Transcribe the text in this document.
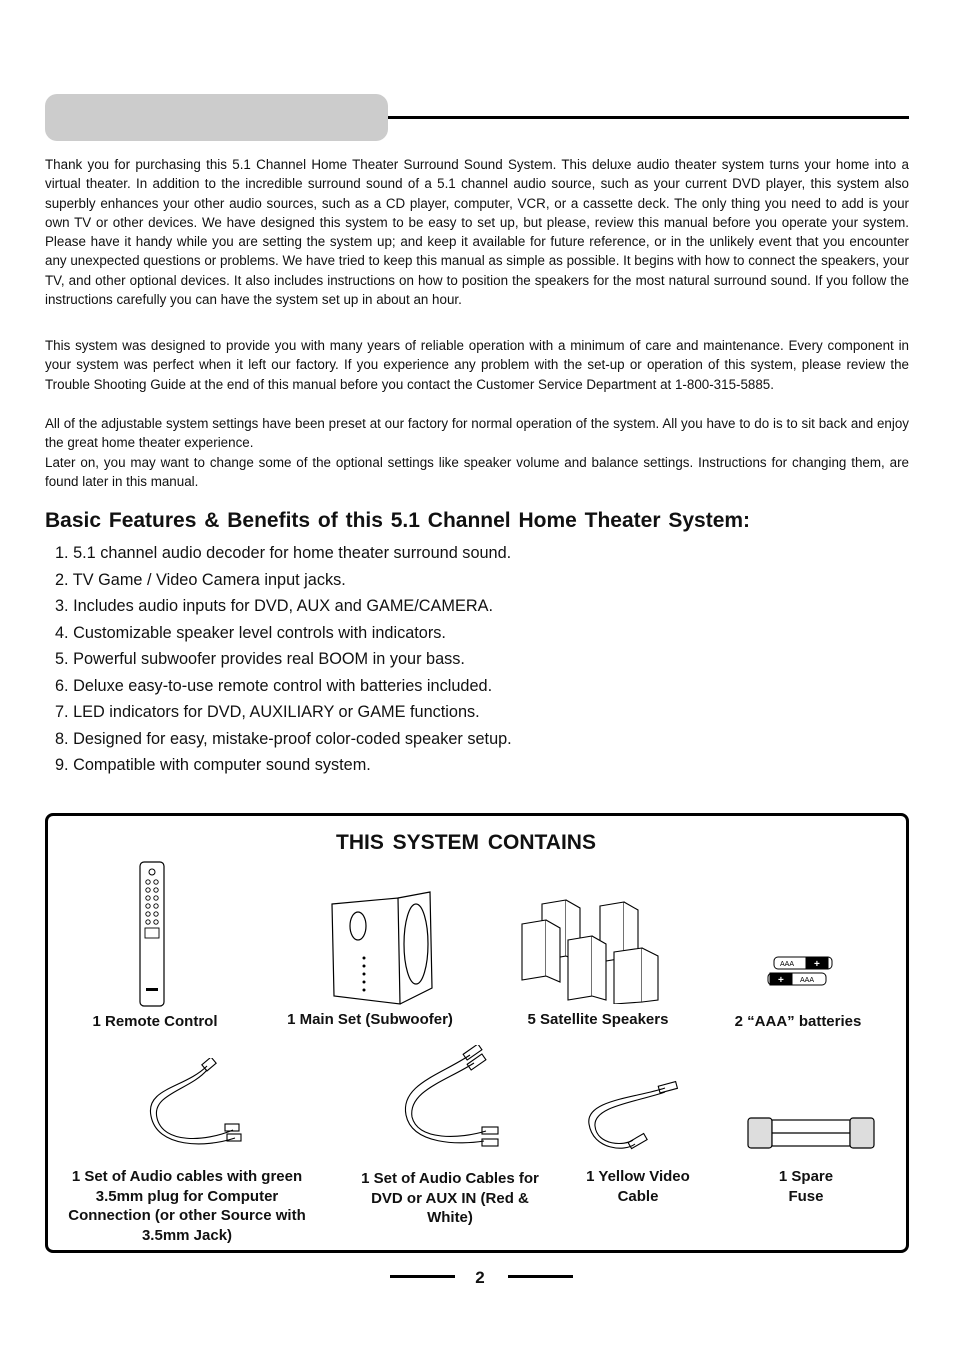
Thank you for purchasing this 5.1 Channel Home Theater Surround Sound System. This deluxe audio theater system turns your home into a virtual theater. In addition to the incredible surround sound of a 5.1 channel audio source, such as your current DVD player, this system also superbly enhances your other audio sources, such as a CD player, computer, VCR, or a cassette deck. The only thing you need to add is your own TV or other devices. We have designed this system to be easy to set up, but please, review this manual before you operate your system. Please have it handy while you are setting the system up; and keep it available for future reference, or in the unlikely event that you encounter any unexpected questions or problems. We have tried to keep this manual as simple as possible. It begins with how to connect the speakers, your TV, and other optional devices. It also includes instructions on how to position the speakers for the most natural surround sound. If you follow the instructions carefully you can have the system set up in about an hour.

This system was designed to provide you with many years of reliable operation with a minimum of care and maintenance. Every component in your system was perfect when it left our factory. If you experience any problem with the set-up or operation of this system, please review the Trouble Shooting Guide at the end of this manual before you contact the Customer Service Department at 1-800-315-5885.

All of the adjustable system settings have been preset at our factory for normal operation of the system. All you have to do is to sit back and enjoy the great home theater experience.

Later on, you may want to change some of the optional settings like speaker volume and balance settings. Instructions for changing them, are found later in this manual.

Basic Features & Benefits of this 5.1 Channel Home Theater System:
1. 5.1 channel audio decoder for home theater surround sound.
2. TV Game / Video Camera input jacks.
3. Includes audio inputs for DVD, AUX and GAME/CAMERA.
4. Customizable speaker level controls with indicators.
5. Powerful subwoofer provides real BOOM in your bass.
6. Deluxe easy-to-use remote control with batteries included.
7. LED indicators for DVD, AUXILIARY or GAME functions.
8. Designed for easy, mistake-proof color-coded speaker setup.
9. Compatible with computer sound system.
THIS SYSTEM CONTAINS
AAA
AAA
+
+
1 Remote Control	1 Main Set (Subwoofer)	5 Satellite Speakers	2 “AAA” batteries
1 Set of Audio cables with green 3.5mm plug for Computer Connection (or other Source with 3.5mm Jack)
1 Set of Audio Cables for DVD or AUX IN (Red & White)
1 Yellow Video Cable
1 Spare Fuse
2
